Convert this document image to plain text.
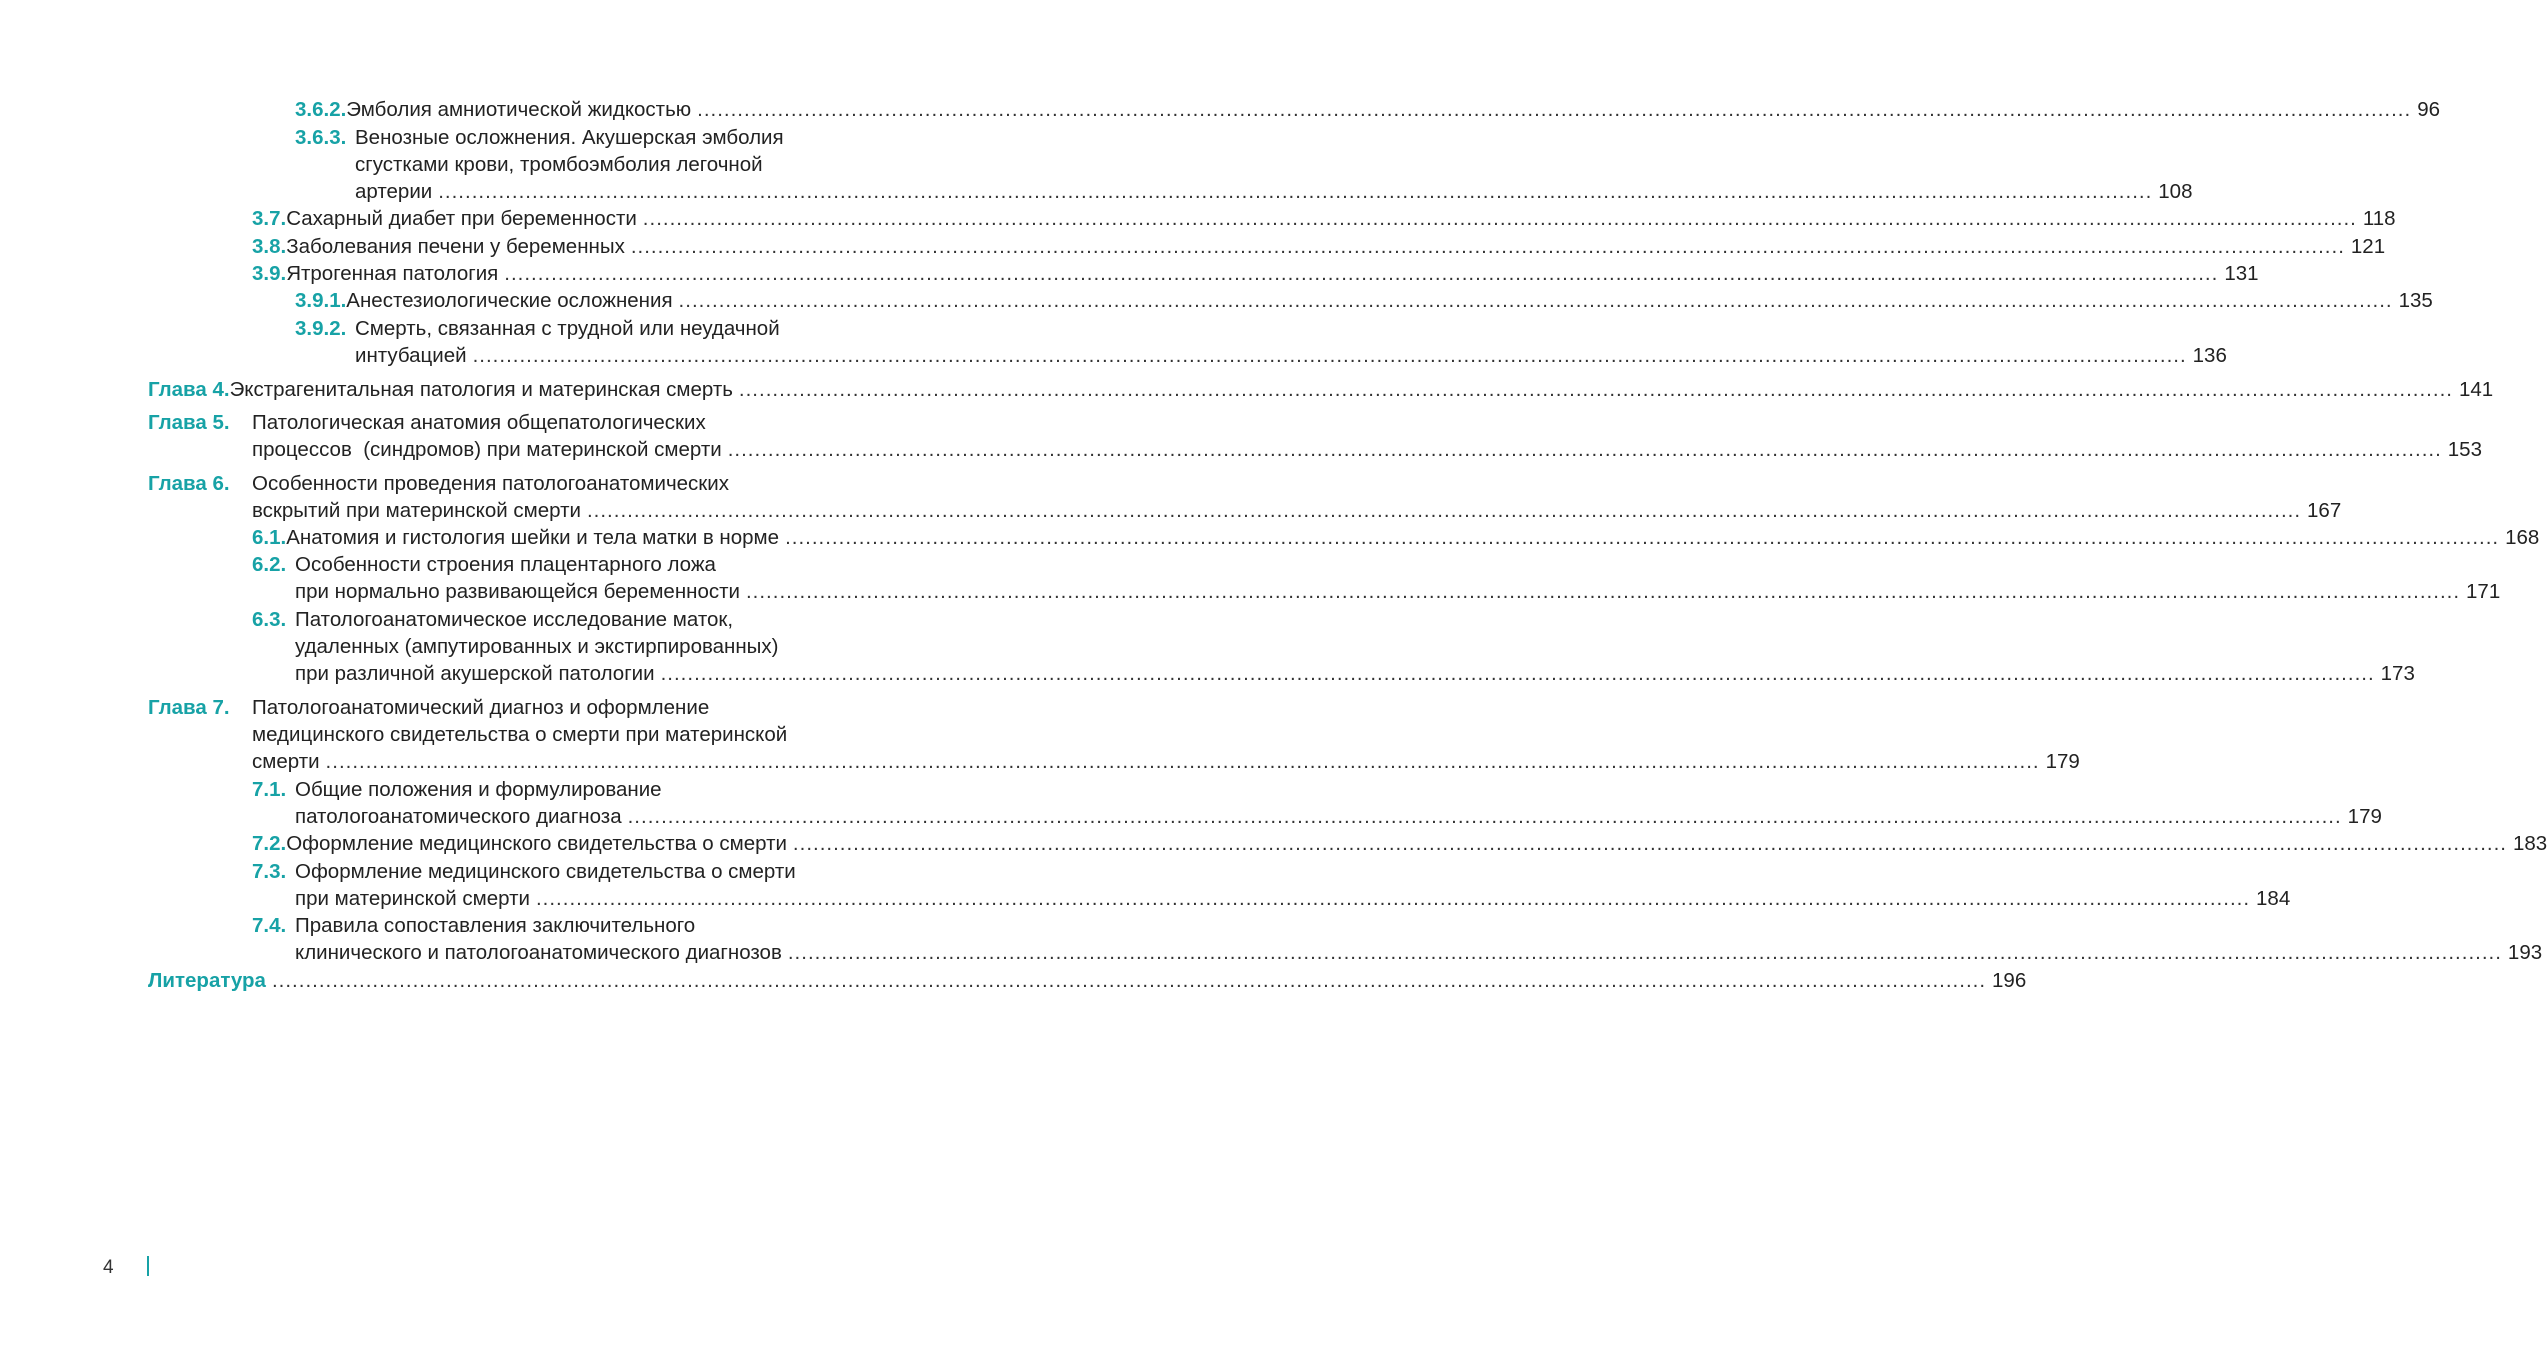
3.6.2. Эмболия амниотической жидкостью .....	96
3.6.3. Венозные осложнения. Акушерская эмболия
сгустками крови, тромбоэмболия легочной
артерии .....	108
3.7. Сахарный диабет при беременности .....	118
3.8. Заболевания печени у беременных .....	121
3.9. Ятрогенная патология .....	131
3.9.1. Анестезиологические осложнения .....	135
3.9.2. Смерть, связанная с трудной или неудачной
интубацией .....	136
Глава 4. Экстрагенитальная патология и материнская смерть .....	141
Глава 5.	Патологическая анатомия общепатологических
процессов  (синдромов) при материнской смерти .....	153
Глава 6.	Особенности проведения патологоанатомических
вскрытий при материнской смерти .....	167
6.1. Анатомия и гистология шейки и тела матки в норме .....	168
6.2. Особенности строения плацентарного ложа
при нормально развивающейся беременности .....	171
6.3. Патологоанатомическое исследование маток,
удаленных (ампутированных и экстирпированных)
при различной акушерской патологии .....	173
Глава 7.	Патологоанатомический диагноз и оформление
медицинского свидетельства о смерти при материнской
смерти .....	179
7.1. Общие положения и формулирование
патологоанатомического диагноза .....	179
7.2. Оформление медицинского свидетельства о смерти .....	183
7.3. Оформление медицинского свидетельства о смерти
при материнской смерти .....	184
7.4. Правила сопоставления заключительного
клинического и патологоанатомического диагнозов .....	193
Литература .....	196
4
